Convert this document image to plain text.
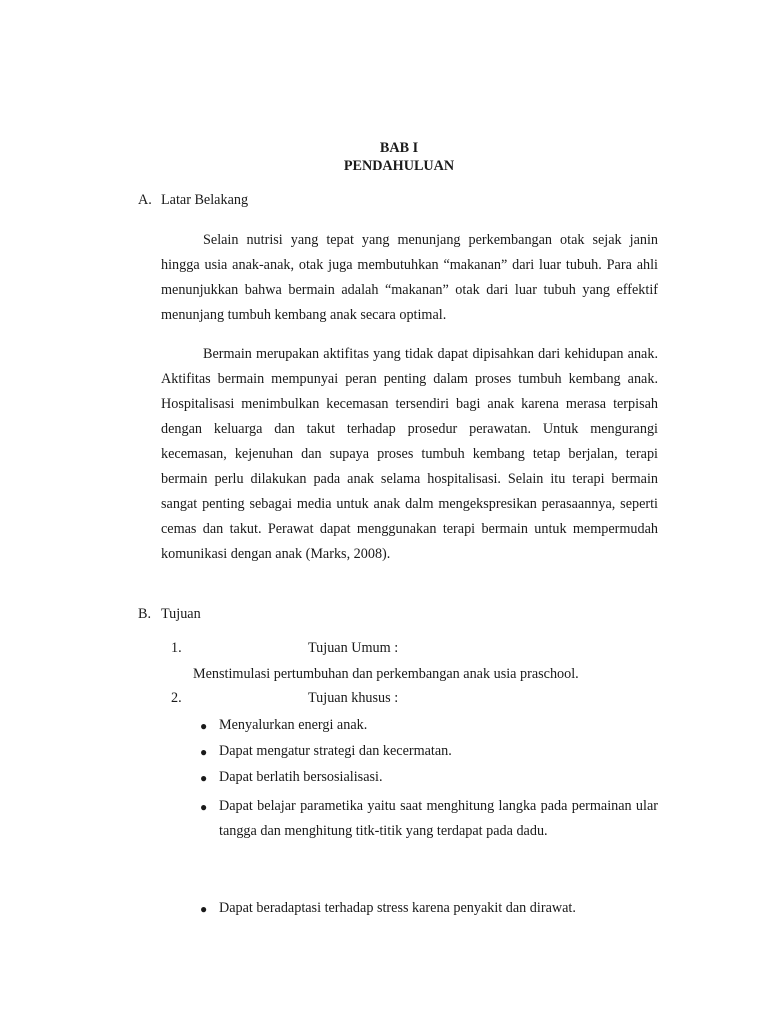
BAB I
PENDAHULUAN
A. Latar Belakang
Selain nutrisi yang tepat yang menunjang perkembangan otak sejak janin hingga usia anak-anak, otak juga membutuhkan “makanan” dari luar tubuh. Para ahli menunjukkan bahwa bermain adalah “makanan” otak dari luar tubuh yang effektif menunjang tumbuh kembang anak secara optimal.
Bermain merupakan aktifitas yang tidak dapat dipisahkan dari kehidupan anak. Aktifitas bermain mempunyai peran penting dalam proses tumbuh kembang anak. Hospitalisasi menimbulkan kecemasan tersendiri bagi anak karena merasa terpisah dengan keluarga dan takut terhadap prosedur perawatan. Untuk mengurangi kecemasan, kejenuhan dan supaya proses tumbuh kembang tetap berjalan, terapi bermain perlu dilakukan pada anak selama hospitalisasi. Selain itu terapi bermain sangat penting sebagai media untuk anak dalm mengekspresikan perasaannya, seperti cemas dan takut. Perawat dapat menggunakan terapi bermain untuk mempermudah komunikasi dengan anak (Marks, 2008).
B. Tujuan
1.	Tujuan Umum :
Menstimulasi pertumbuhan dan perkembangan anak usia praschool.
2.	Tujuan khusus :
● Menyalurkan energi anak.
● Dapat mengatur strategi dan kecermatan.
● Dapat berlatih bersosialisasi.
● Dapat belajar parametika yaitu saat menghitung langka pada permainan ular tangga dan menghitung titk-titik yang terdapat pada dadu.
● Dapat beradaptasi terhadap stress karena penyakit dan dirawat.
